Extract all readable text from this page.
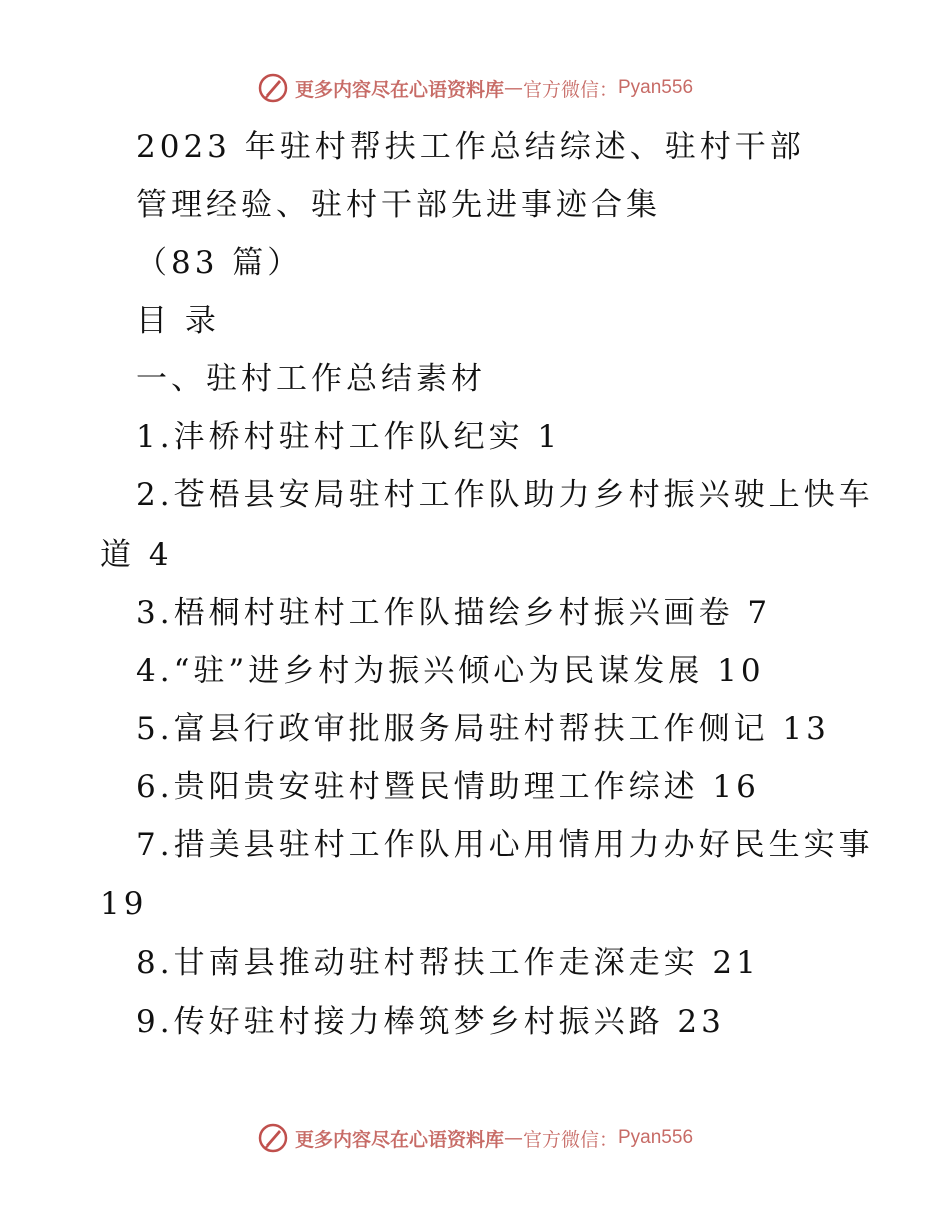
更多内容尽在心语资料库 — 官方微信： Pyan556
2023 年驻村帮扶工作总结综述、驻村干部
管理经验、驻村干部先进事迹合集
（83 篇）
目 录
一、驻村工作总结素材
1.沣桥村驻村工作队纪实 1
2.苍梧县安局驻村工作队助力乡村振兴驶上快车
道 4
3.梧桐村驻村工作队描绘乡村振兴画卷 7
4.“驻”进乡村为振兴倾心为民谋发展 10
5.富县行政审批服务局驻村帮扶工作侧记 13
6.贵阳贵安驻村暨民情助理工作综述 16
7.措美县驻村工作队用心用情用力办好民生实事
19
8.甘南县推动驻村帮扶工作走深走实 21
9.传好驻村接力棒筑梦乡村振兴路 23
更多内容尽在心语资料库 — 官方微信： Pyan556
